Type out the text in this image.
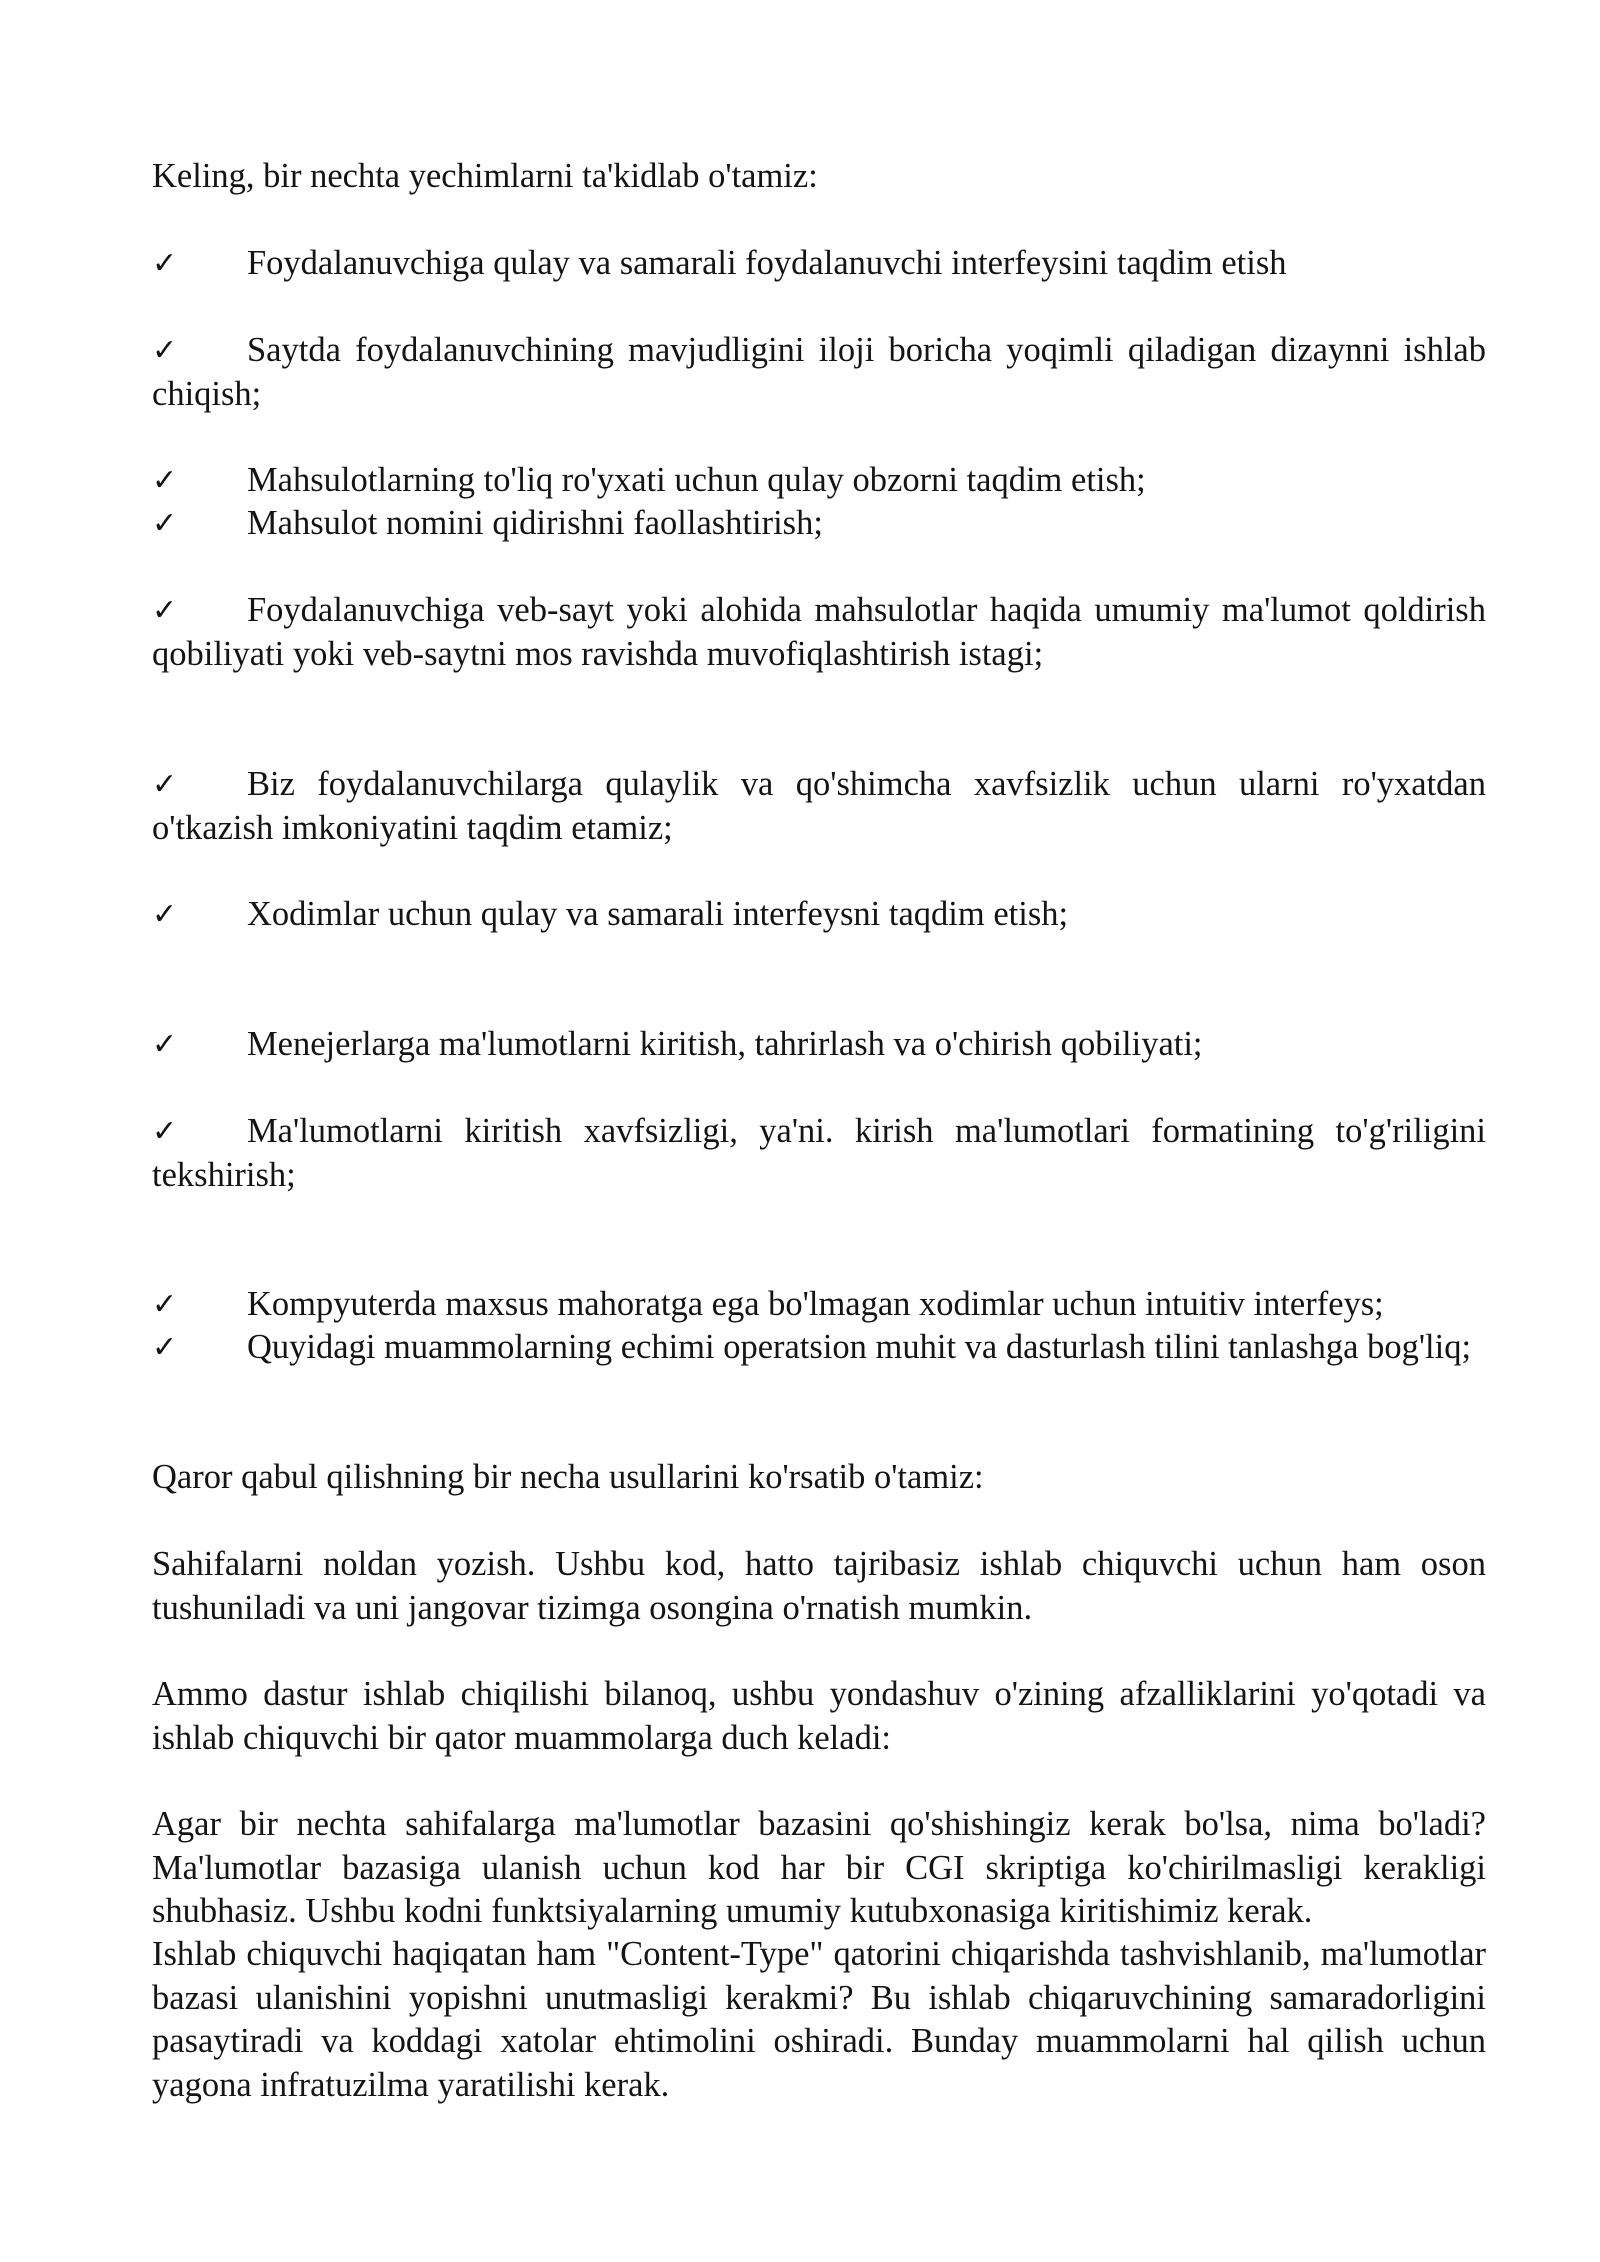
Keling, bir nechta yechimlarni ta'kidlab o'tamiz:
✓ Foydalanuvchiga qulay va samarali foydalanuvchi interfeysini taqdim etish
✓ Saytda foydalanuvchining mavjudligini iloji boricha yoqimli qiladigan dizaynni ishlab chiqish;
✓ Mahsulotlarning to'liq ro'yxati uchun qulay obzorni taqdim etish;
✓ Mahsulot nomini qidirishni faollashtirish;
✓ Foydalanuvchiga veb-sayt yoki alohida mahsulotlar haqida umumiy ma'lumot qoldirish qobiliyati yoki veb-saytni mos ravishda muvofiqlashtirish istagi;
✓ Biz foydalanuvchilarga qulaylik va qo'shimcha xavfsizlik uchun ularni ro'yxatdan o'tkazish imkoniyatini taqdim etamiz;
✓ Xodimlar uchun qulay va samarali interfeysni taqdim etish;
✓ Menejerlarga ma'lumotlarni kiritish, tahrirlash va o'chirish qobiliyati;
✓ Ma'lumotlarni kiritish xavfsizligi, ya'ni. kirish ma'lumotlari formatining to'g'riligini tekshirish;
✓ Kompyuterda maxsus mahoratga ega bo'lmagan xodimlar uchun intuitiv interfeys;
✓ Quyidagi muammolarning echimi operatsion muhit va dasturlash tilini tanlashga bog'liq;
Qaror qabul qilishning bir necha usullarini ko'rsatib o'tamiz:
Sahifalarni noldan yozish. Ushbu kod, hatto tajribasiz ishlab chiquvchi uchun ham oson tushuniladi va uni jangovar tizimga osongina o'rnatish mumkin.
Ammo dastur ishlab chiqilishi bilanoq, ushbu yondashuv o'zining afzalliklarini yo'qotadi va ishlab chiquvchi bir qator muammolarga duch keladi:
Agar bir nechta sahifalarga ma'lumotlar bazasini qo'shishingiz kerak bo'lsa, nima bo'ladi? Ma'lumotlar bazasiga ulanish uchun kod har bir CGI skriptiga ko'chirilmasligi kerakligi shubhasiz. Ushbu kodni funktsiyalarning umumiy kutubxonasiga kiritishimiz kerak.
Ishlab chiquvchi haqiqatan ham "Content-Type" qatorini chiqarishda tashvishlanib, ma'lumotlar bazasi ulanishini yopishni unutmasligi kerakmi? Bu ishlab chiqaruvchining samaradorligini pasaytiradi va koddagi xatolar ehtimolini oshiradi. Bunday muammolarni hal qilish uchun yagona infratuzilma yaratilishi kerak.
